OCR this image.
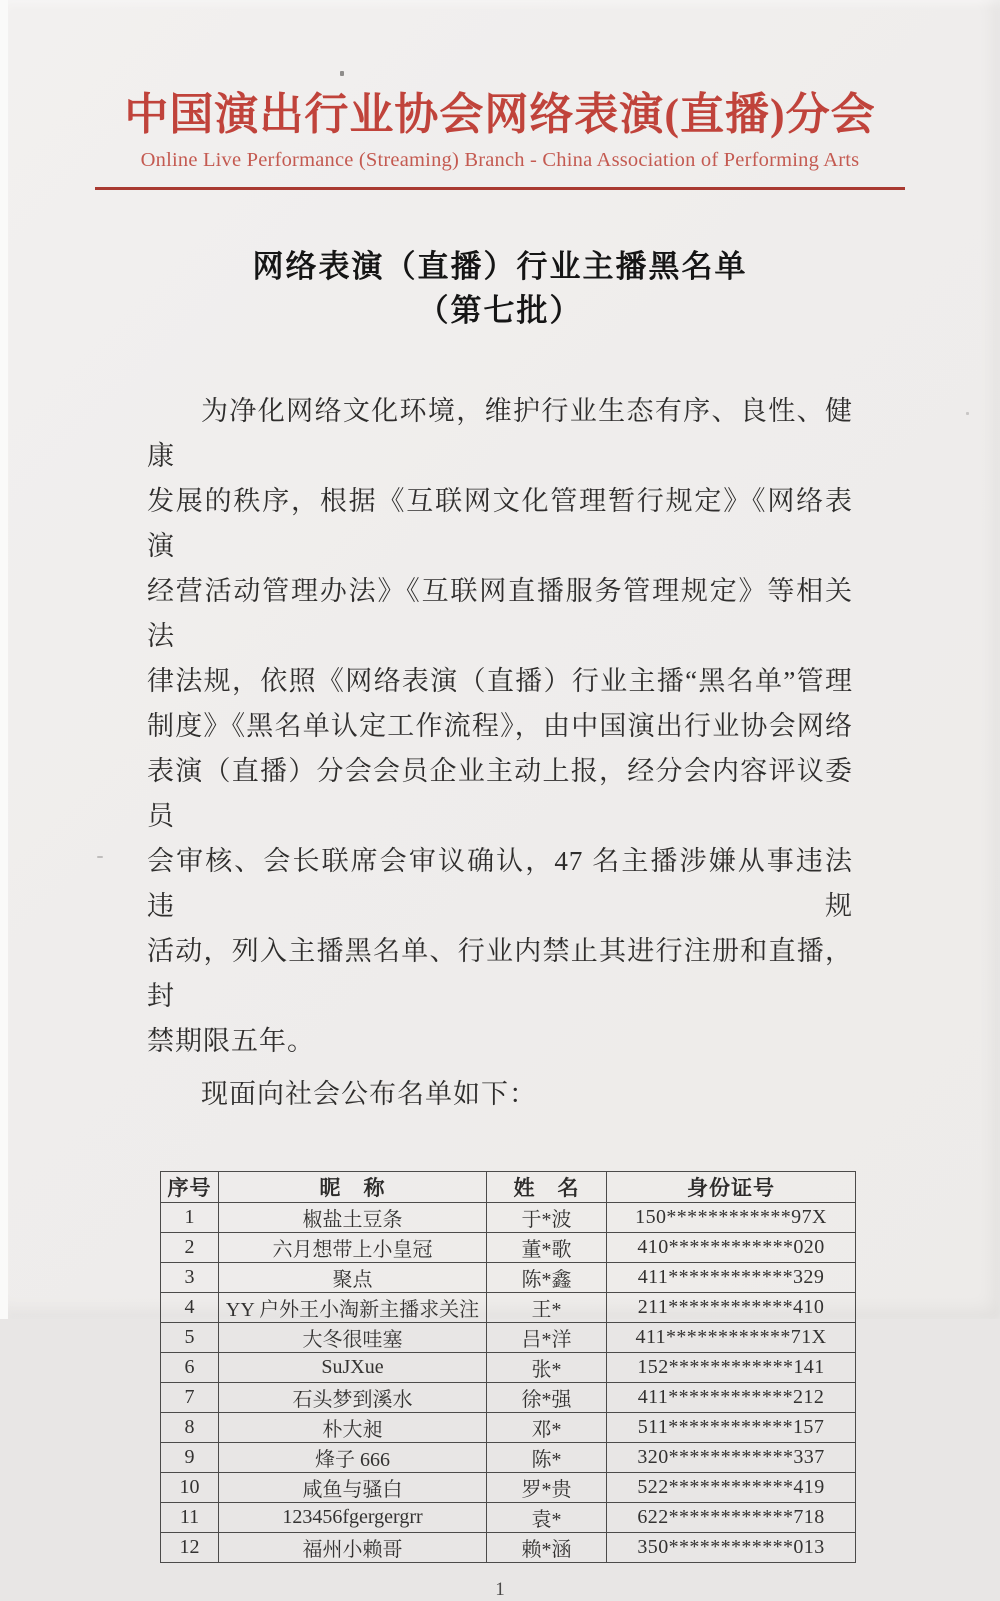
中国演出行业协会网络表演(直播)分会
Online Live Performance (Streaming) Branch - China Association of Performing Arts
网络表演（直播）行业主播黑名单
（第七批）
为净化网络文化环境，维护行业生态有序、良性、健康
发展的秩序，根据《互联网文化管理暂行规定》《网络表演
经营活动管理办法》《互联网直播服务管理规定》等相关法
律法规，依照《网络表演（直播）行业主播“黑名单”管理
制度》《黑名单认定工作流程》，由中国演出行业协会网络
表演（直播）分会会员企业主动上报，经分会内容评议委员
会审核、会长联席会审议确认，47 名主播涉嫌从事违法违规
活动，列入主播黑名单、行业内禁止其进行注册和直播，封
禁期限五年。
现面向社会公布名单如下：
序号	昵　称	姓　名	身份证号
1	椒盐土豆条	于*波	150************97X
2	六月想带上小皇冠	董*歌	410************020
3	聚点	陈*鑫	411************329
4	YY 户外王小淘新主播求关注	王*	211************410
5	大冬很哇塞	吕*洋	411************71X
6	SuJXue	张*	152************141
7	石头梦到溪水	徐*强	411************212
8	朴大昶	邓*	511************157
9	烽子 666	陈*	320************337
10	咸鱼与骚白	罗*贵	522************419
11	123456fgergergrr	袁*	622************718
12	福州小赖哥	赖*涵	350************013
1
